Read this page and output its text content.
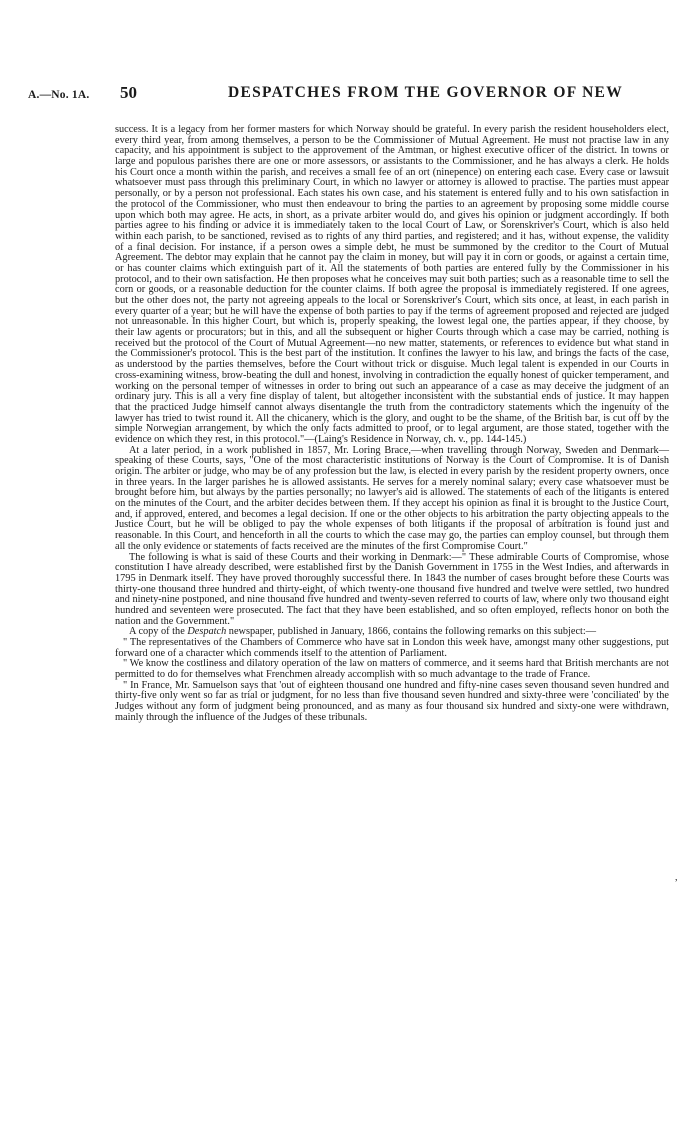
A.—No. 1A. 50	DESPATCHES FROM THE GOVERNOR OF NEW

success. It is a legacy from her former masters for which Norway should be grateful. In every parish the resident householders elect, every third year, from among themselves, a person to be the Commissioner of Mutual Agreement. He must not practise law in any capacity, and his appointment is subject to the approvement of the Amtman, or highest executive officer of the district. In towns or large and populous parishes there are one or more assessors, or assistants to the Commissioner, and he has always a clerk. He holds his Court once a month within the parish, and receives a small fee of an ort (ninepence) on entering each case. Every case or lawsuit whatsoever must pass through this preliminary Court, in which no lawyer or attorney is allowed to practise. The parties must appear personally, or by a person not professional. Each states his own case, and his statement is entered fully and to his own satisfaction in the protocol of the Commissioner, who must then endeavour to bring the parties to an agreement by proposing some middle course upon which both may agree. He acts, in short, as a private arbiter would do, and gives his opinion or judgment accordingly. If both parties agree to his finding or advice it is immediately taken to the local Court of Law, or Sorenskriver's Court, which is also held within each parish, to be sanctioned, revised as to rights of any third parties, and registered; and it has, without expense, the validity of a final decision. For instance, if a person owes a simple debt, he must be summoned by the creditor to the Court of Mutual Agreement. The debtor may explain that he cannot pay the claim in money, but will pay it in corn or goods, or against a certain time, or has counter claims which extinguish part of it. All the statements of both parties are entered fully by the Commissioner in his protocol, and to their own satisfaction. He then proposes what he conceives may suit both parties; such as a reasonable time to sell the corn or goods, or a reasonable deduction for the counter claims. If both agree the proposal is immediately registered. If one agrees, but the other does not, the party not agreeing appeals to the local or Sorenskriver's Court, which sits once, at least, in each parish in every quarter of a year; but he will have the expense of both parties to pay if the terms of agreement proposed and rejected are judged not unreasonable. In this higher Court, but which is, properly speaking, the lowest legal one, the parties appear, if they choose, by their law agents or procurators; but in this, and all the subsequent or higher Courts through which a case may be carried, nothing is received but the protocol of the Court of Mutual Agreement—no new matter, statements, or references to evidence but what stand in the Commissioner's protocol. This is the best part of the institution. It confines the lawyer to his law, and brings the facts of the case, as understood by the parties themselves, before the Court without trick or disguise. Much legal talent is expended in our Courts in cross-examining witness, brow-beating the dull and honest, involving in contradiction the equally honest of quicker temperament, and working on the personal temper of witnesses in order to bring out such an appearance of a case as may deceive the judgment of an ordinary jury. This is all a very fine display of talent, but altogether inconsistent with the substantial ends of justice. It may happen that the practiced Judge himself cannot always disentangle the truth from the contradictory statements which the ingenuity of the lawyer has tried to twist round it. All the chicanery, which is the glory, and ought to be the shame, of the British bar, is cut off by the simple Norwegian arrangement, by which the only facts admitted to proof, or to legal argument, are those stated, together with the evidence on which they rest, in this protocol."—(Laing's Residence in Norway, ch. v., pp. 144-145.)

At a later period, in a work published in 1857, Mr. Loring Brace,—when travelling through Norway, Sweden and Denmark—speaking of these Courts, says, "One of the most characteristic institutions of Norway is the Court of Compromise. It is of Danish origin. The arbiter or judge, who may be of any profession but the law, is elected in every parish by the resident property owners, once in three years. In the larger parishes he is allowed assistants. He serves for a merely nominal salary; every case whatsoever must be brought before him, but always by the parties personally; no lawyer's aid is allowed. The statements of each of the litigants is entered on the minutes of the Court, and the arbiter decides between them. If they accept his opinion as final it is brought to the Justice Court, and, if approved, entered, and becomes a legal decision. If one or the other objects to his arbitration the party objecting appeals to the Justice Court, but he will be obliged to pay the whole expenses of both litigants if the proposal of arbitration is found just and reasonable. In this Court, and henceforth in all the courts to which the case may go, the parties can employ counsel, but through them all the only evidence or statements of facts received are the minutes of the first Compromise Court."

The following is what is said of these Courts and their working in Denmark:—" These admirable Courts of Compromise, whose constitution I have already described, were established first by the Danish Government in 1755 in the West Indies, and afterwards in 1795 in Denmark itself. They have proved thoroughly successful there. In 1843 the number of cases brought before these Courts was thirty-one thousand three hundred and thirty-eight, of which twenty-one thousand five hundred and twelve were settled, two hundred and ninety-nine postponed, and nine thousand five hundred and twenty-seven referred to courts of law, where only two thousand eight hundred and seventeen were prosecuted. The fact that they have been established, and so often employed, reflects honor on both the nation and the Government."

A copy of the Despatch newspaper, published in January, 1866, contains the following remarks on this subject:—

" The representatives of the Chambers of Commerce who have sat in London this week have, amongst many other suggestions, put forward one of a character which commends itself to the attention of Parliament.

" We know the costliness and dilatory operation of the law on matters of commerce, and it seems hard that British merchants are not permitted to do for themselves what Frenchmen already accomplish with so much advantage to the trade of France.

" In France, Mr. Samuelson says that 'out of eighteen thousand one hundred and fifty-nine cases seven thousand seven hundred and thirty-five only went so far as trial or judgment, for no less than five thousand seven hundred and sixty-three were 'conciliated' by the Judges without any form of judgment being pronounced, and as many as four thousand six hundred and sixty-one were withdrawn, mainly through the influence of the Judges of these tribunals.

,
